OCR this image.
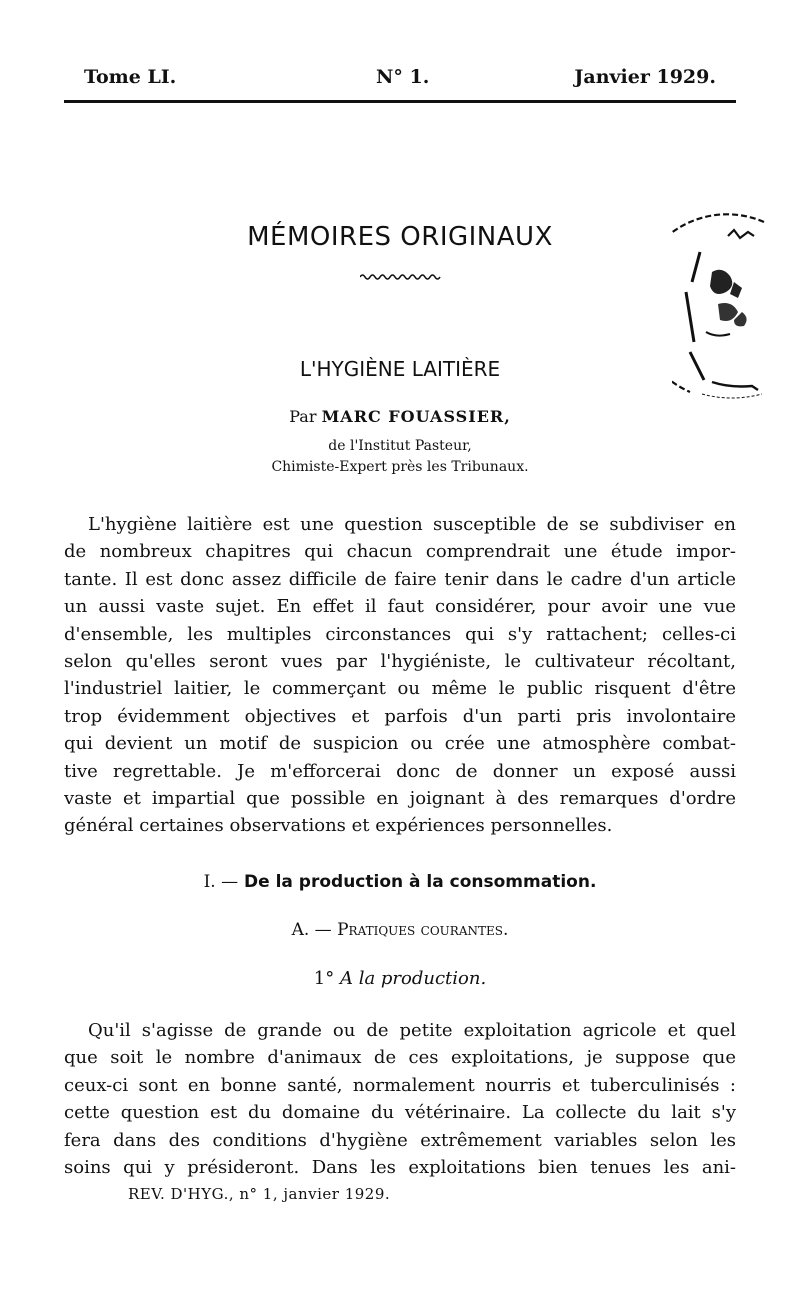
Tome LI.	N° 1.	Janvier 1929.
MÉMOIRES ORIGINAUX
L'HYGIÈNE LAITIÈRE
Par MARC FOUASSIER,
de l'Institut Pasteur,
Chimiste-Expert près les Tribunaux.
L'hygiène laitière est une question susceptible de se subdiviser en
de nombreux chapitres qui chacun comprendrait une étude impor-
tante. Il est donc assez difficile de faire tenir dans le cadre d'un article
un aussi vaste sujet. En effet il faut considérer, pour avoir une vue
d'ensemble, les multiples circonstances qui s'y rattachent; celles-ci
selon qu'elles seront vues par l'hygiéniste, le cultivateur récoltant,
l'industriel laitier, le commerçant ou même le public risquent d'être
trop évidemment objectives et parfois d'un parti pris involontaire
qui devient un motif de suspicion ou crée une atmosphère combat-
tive regrettable. Je m'efforcerai donc de donner un exposé aussi
vaste et impartial que possible en joignant à des remarques d'ordre
général certaines observations et expériences personnelles.
I. — De la production à la consommation.
A. — Pratiques courantes.
1° A la production.
Qu'il s'agisse de grande ou de petite exploitation agricole et quel
que soit le nombre d'animaux de ces exploitations, je suppose que
ceux-ci sont en bonne santé, normalement nourris et tuberculinisés :
cette question est du domaine du vétérinaire. La collecte du lait s'y
fera dans des conditions d'hygiène extrêmement variables selon les
soins qui y présideront. Dans les exploitations bien tenues les ani-
REV. D'HYG., n° 1, janvier 1929.
